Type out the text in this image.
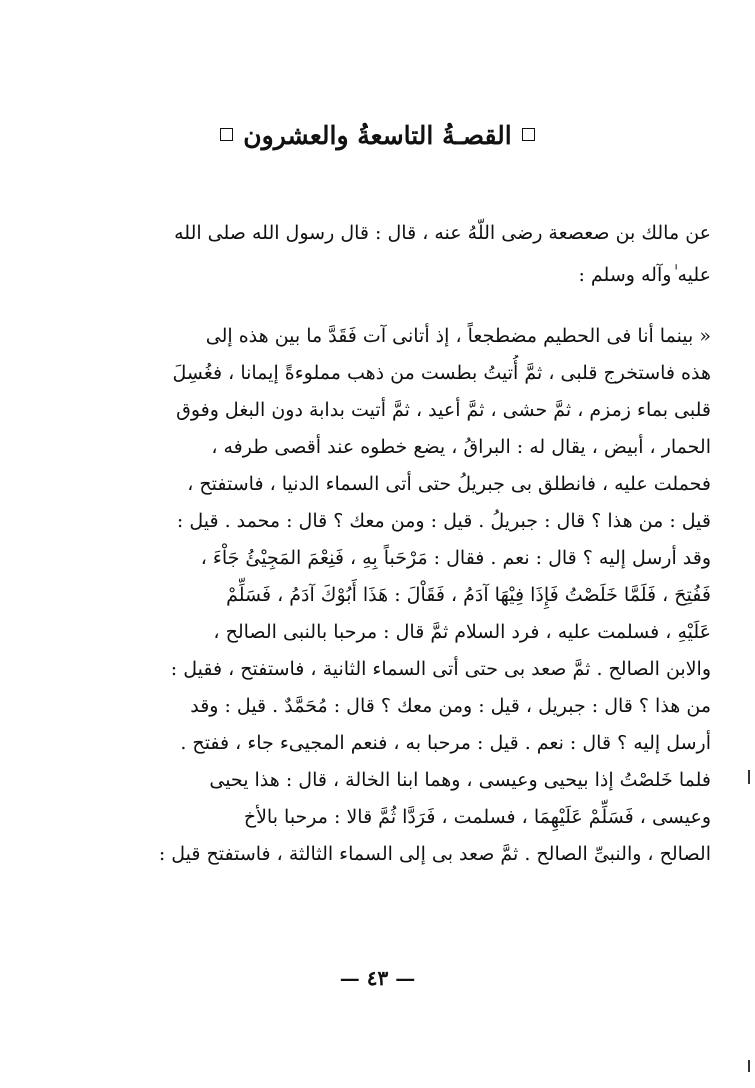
القصـةُ التاسعةُ والعشرون
عن مالك بن صعصعة رضى اللّهُ عنه ، قال : قال رسول الله صلى الله
عليه ٰوآله وسلم :
« بينما أنا فى الحطيم مضطجعاً ، إذ أتانى آت فَقَدَّ ما بين هذه إلى
هذه فاستخرج قلبى ، ثمَّ أُتيتُ بطست من ذهب مملوءةً إيمانا ، فغُسِلَ
قلبى بماء زمزم ، ثمَّ حشى ، ثمَّ أعيد ، ثمَّ أتيت بدابة دون البغل وفوق
الحمار ، أبيض ، يقال له : البراقُ ، يضع خطوه عند أقصى طرفه ،
فحملت عليه ، فانطلق بى جبريلُ حتى أتى السماء الدنيا ، فاستفتح ،
قيل : من هذا ؟ قال : جبريلُ . قيل : ومن معك ؟ قال : محمد . قيل :
وقد أرسل إليه ؟ قال : نعم . فقال : مَرْحَباً بِهِ ، فَنِعْمَ المَجِيْئُ جَاْءَ ،
فَفُتِحَ ، فَلَمَّا خَلَصْتُ فَإِذَا فِيْهَا آدَمُ ، فَقَاْلَ : هَذَا أَبُوْكَ آدَمُ ، فَسَلِّمْ
عَلَيْهِ ، فسلمت عليه ، فرد السلام ثمَّ قال : مرحبا بالنبى الصالح ،
والابن الصالح . ثمَّ صعد بى حتى أتى السماء الثانية ، فاستفتح ، فقيل :
من هذا ؟ قال : جبريل ، قيل : ومن معك ؟ قال : مُحَمَّدٌ . قيل : وقد
أرسل إليه ؟ قال : نعم . قيل : مرحبا به ، فنعم المجيىء جاء ، ففتح .
فلما خَلصْتُ إذا بيحيى وعيسى ، وهما ابنا الخالة ، قال : هذا يحيى
وعيسى ، فَسَلِّمْ عَلَيْهِمَا ، فسلمت ، فَرَدَّا ثُمَّ قالا : مرحبا بالأخ
الصالح ، والنبىِّ الصالح . ثمَّ صعد بى إلى السماء الثالثة ، فاستفتح قيل :
— ٤٣ —
